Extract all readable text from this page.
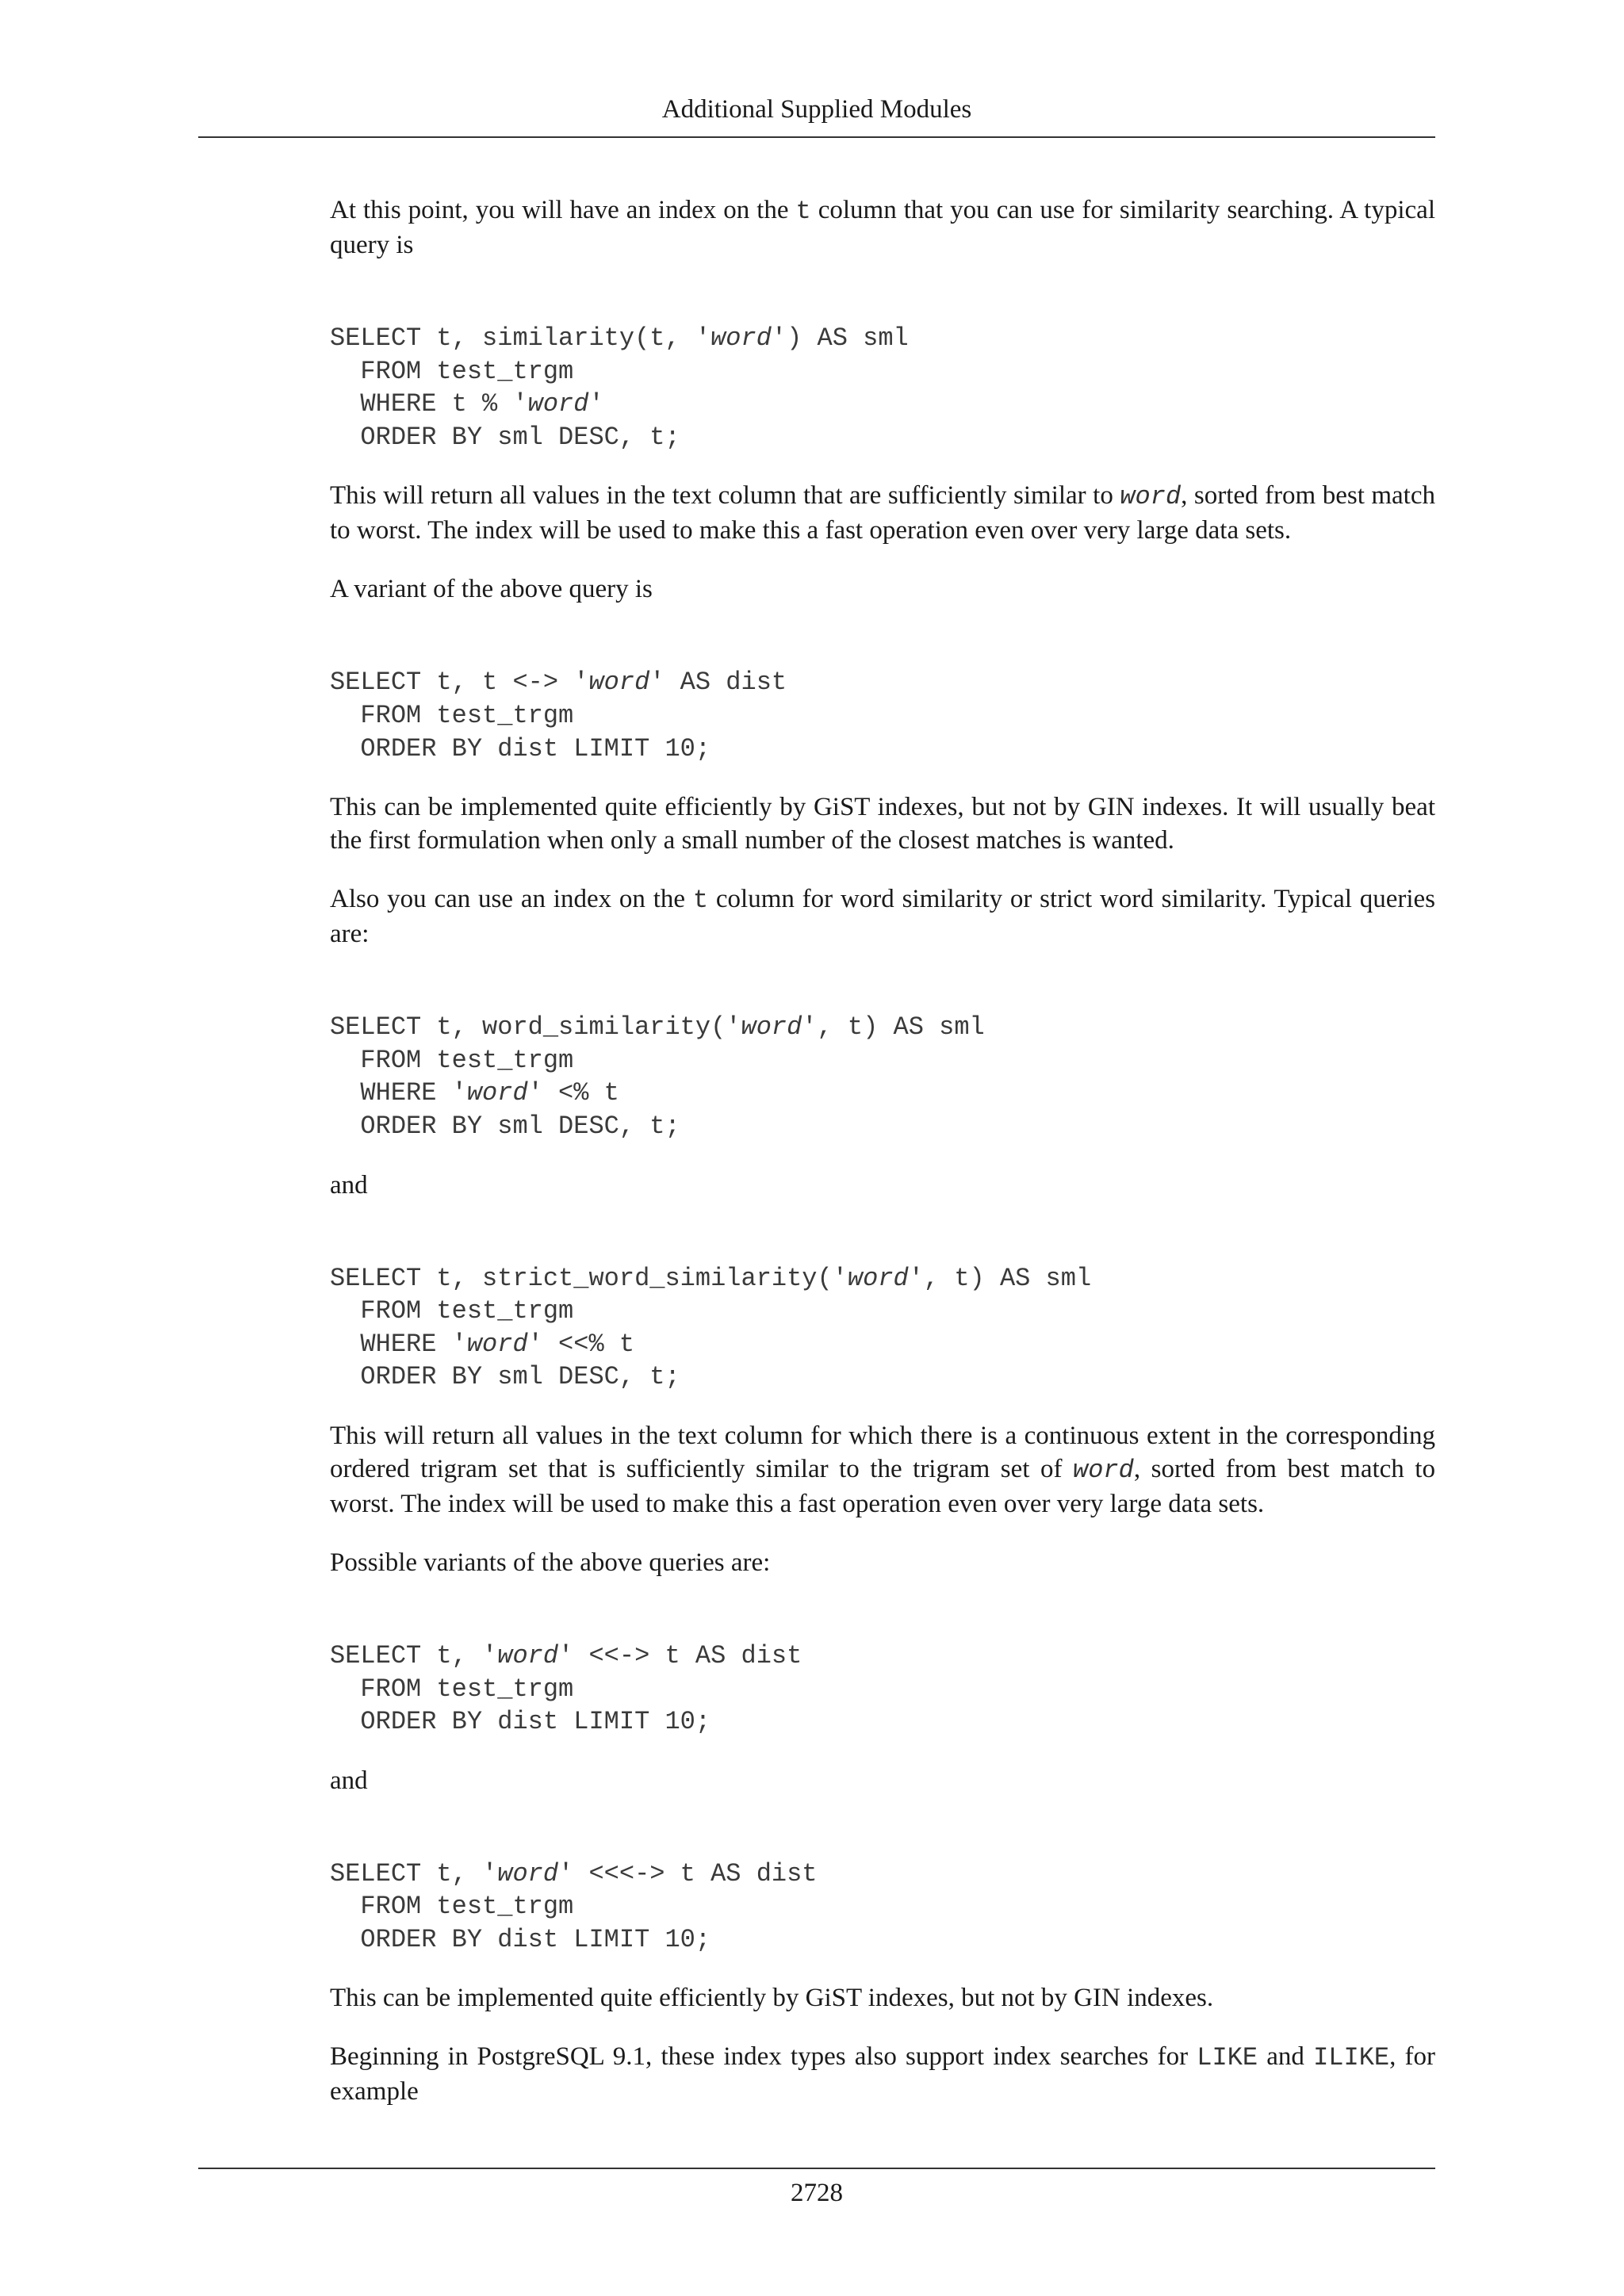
Additional Supplied Modules

At this point, you will have an index on the t column that you can use for similarity searching. A typical query is

SELECT t, similarity(t, 'word') AS sml
FROM test_trgm
WHERE t % 'word'
ORDER BY sml DESC, t;

This will return all values in the text column that are sufficiently similar to word, sorted from best match to worst. The index will be used to make this a fast operation even over very large data sets.

A variant of the above query is

SELECT t, t <-> 'word' AS dist
FROM test_trgm
ORDER BY dist LIMIT 10;

This can be implemented quite efficiently by GiST indexes, but not by GIN indexes. It will usually beat the first formulation when only a small number of the closest matches is wanted.

Also you can use an index on the t column for word similarity or strict word similarity. Typical queries are:

SELECT t, word_similarity('word', t) AS sml
FROM test_trgm
WHERE 'word' <% t
ORDER BY sml DESC, t;

and

SELECT t, strict_word_similarity('word', t) AS sml
FROM test_trgm
WHERE 'word' <<% t
ORDER BY sml DESC, t;

This will return all values in the text column for which there is a continuous extent in the corresponding ordered trigram set that is sufficiently similar to the trigram set of word, sorted from best match to worst. The index will be used to make this a fast operation even over very large data sets.

Possible variants of the above queries are:

SELECT t, 'word' <<-> t AS dist
FROM test_trgm
ORDER BY dist LIMIT 10;

and

SELECT t, 'word' <<<-> t AS dist
FROM test_trgm
ORDER BY dist LIMIT 10;

This can be implemented quite efficiently by GiST indexes, but not by GIN indexes.

Beginning in PostgreSQL 9.1, these index types also support index searches for LIKE and ILIKE, for example

2728
